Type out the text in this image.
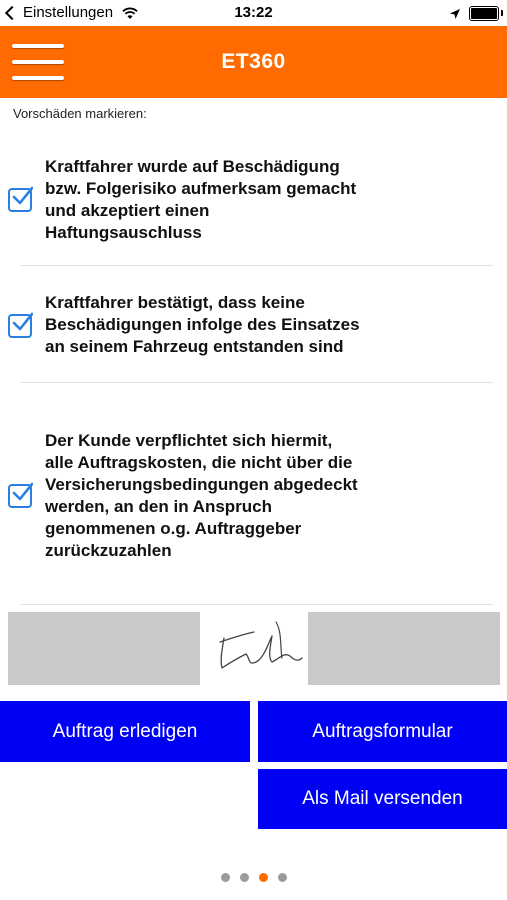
Einstellungen	13:22
ET360
Vorschäden markieren:
Kraftfahrer wurde auf Beschädigung
bzw. Folgerisiko aufmerksam gemacht
und akzeptiert einen
Haftungsauschluss
Kraftfahrer bestätigt, dass keine
Beschädigungen infolge des Einsatzes
an seinem Fahrzeug entstanden sind
Der Kunde verpflichtet sich hiermit,
alle Auftragskosten, die nicht über die
Versicherungsbedingungen abgedeckt
werden, an den in Anspruch
genommenen o.g. Auftraggeber
zurückzuzahlen
Auftrag erledigen	Auftragsformular
Als Mail versenden
